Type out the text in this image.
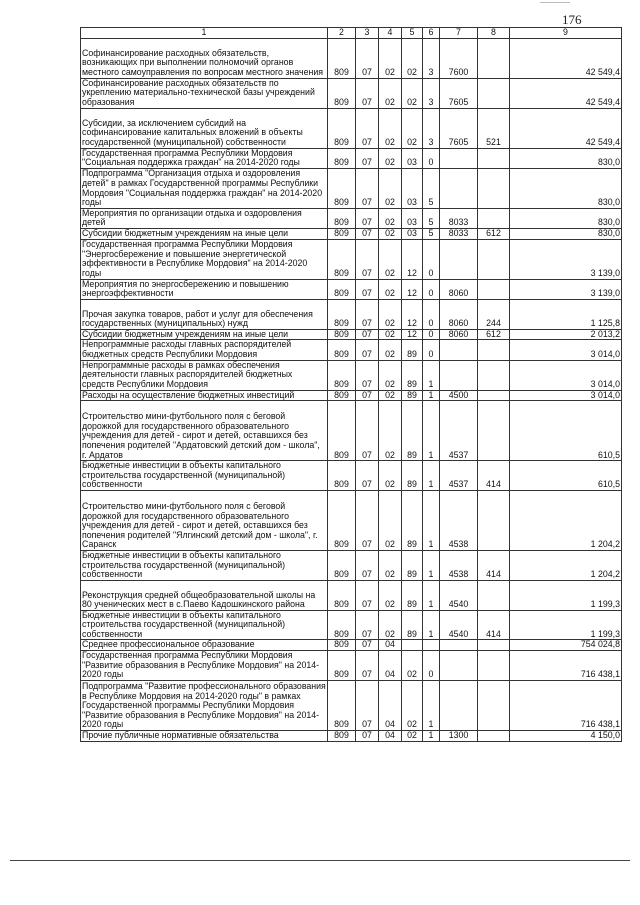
176
1	2	3	4	5	6	7	8	9
Софинансирование расходных обязательств, возникающих при выполнении полномочий органов местного самоуправления по вопросам местного значения	809	07	02	02	3	7600		42 549,4
Софинансирование расходных обязательств по укреплению материально-технической базы учреждений образования	809	07	02	02	3	7605		42 549,4
Субсидии, за исключением субсидий на софинансирование капитальных вложений в объекты государственной (муниципальной) собственности	809	07	02	02	3	7605	521	42 549,4
Государственная программа Республики Мордовия "Социальная поддержка граждан" на 2014-2020 годы	809	07	02	03	0			830,0
Подпрограмма "Организация отдыха и оздоровления детей" в рамках Государственной программы Республики Мордовия "Социальная поддержка граждан" на 2014-2020 годы	809	07	02	03	5			830,0
Мероприятия по организации отдыха и оздоровления детей	809	07	02	03	5	8033		830,0
Субсидии бюджетным учреждениям на иные цели	809	07	02	03	5	8033	612	830,0
Государственная программа Республики Мордовия "Энергосбережение и повышение энергетической эффективности в Республике Мордовия" на 2014-2020 годы	809	07	02	12	0			3 139,0
Мероприятия по энергосбережению и повышению энергоэффективности	809	07	02	12	0	8060		3 139,0
Прочая закупка товаров, работ и услуг для обеспечения государственных (муниципальных) нужд	809	07	02	12	0	8060	244	1 125,8
Субсидии бюджетным учреждениям на иные цели	809	07	02	12	0	8060	612	2 013,2
Непрограммные расходы главных распорядителей бюджетных средств Республики Мордовия	809	07	02	89	0			3 014,0
Непрограммные расходы в рамках обеспечения деятельности главных распорядителей бюджетных средств Республики Мордовия	809	07	02	89	1			3 014,0
Расходы на осуществление бюджетных инвестиций	809	07	02	89	1	4500		3 014,0
Строительство мини-футбольного поля с беговой дорожкой для государственного образовательного учреждения для детей - сирот и детей, оставшихся без попечения родителей "Ардатовский детский дом - школа", г. Ардатов	809	07	02	89	1	4537		610,5
Бюджетные инвестиции в объекты капитального строительства государственной (муниципальной) собственности	809	07	02	89	1	4537	414	610,5
Строительство мини-футбольного поля с беговой дорожкой для государственного образовательного учреждения для детей - сирот и детей, оставшихся без попечения родителей "Ялгинский детский дом - школа", г. Саранск	809	07	02	89	1	4538		1 204,2
Бюджетные инвестиции в объекты капитального строительства государственной (муниципальной) собственности	809	07	02	89	1	4538	414	1 204,2
Реконструкция средней общеобразовательной школы на 80 ученических мест в с.Паево Кадошкинского района	809	07	02	89	1	4540		1 199,3
Бюджетные инвестиции в объекты капитального строительства государственной (муниципальной) собственности	809	07	02	89	1	4540	414	1 199,3
Среднее профессиональное образование	809	07	04					754 024,8
Государственная программа Республики Мордовия "Развитие образования в Республике Мордовия" на 2014-2020 годы	809	07	04	02	0			716 438,1
Подпрограмма "Развитие профессионального образования в Республике Мордовия на 2014-2020 годы" в рамках Государственной программы Республики Мордовия "Развитие образования в Республике Мордовия" на 2014-2020 годы	809	07	04	02	1			716 438,1
Прочие публичные нормативные обязательства	809	07	04	02	1	1300		4 150,0
